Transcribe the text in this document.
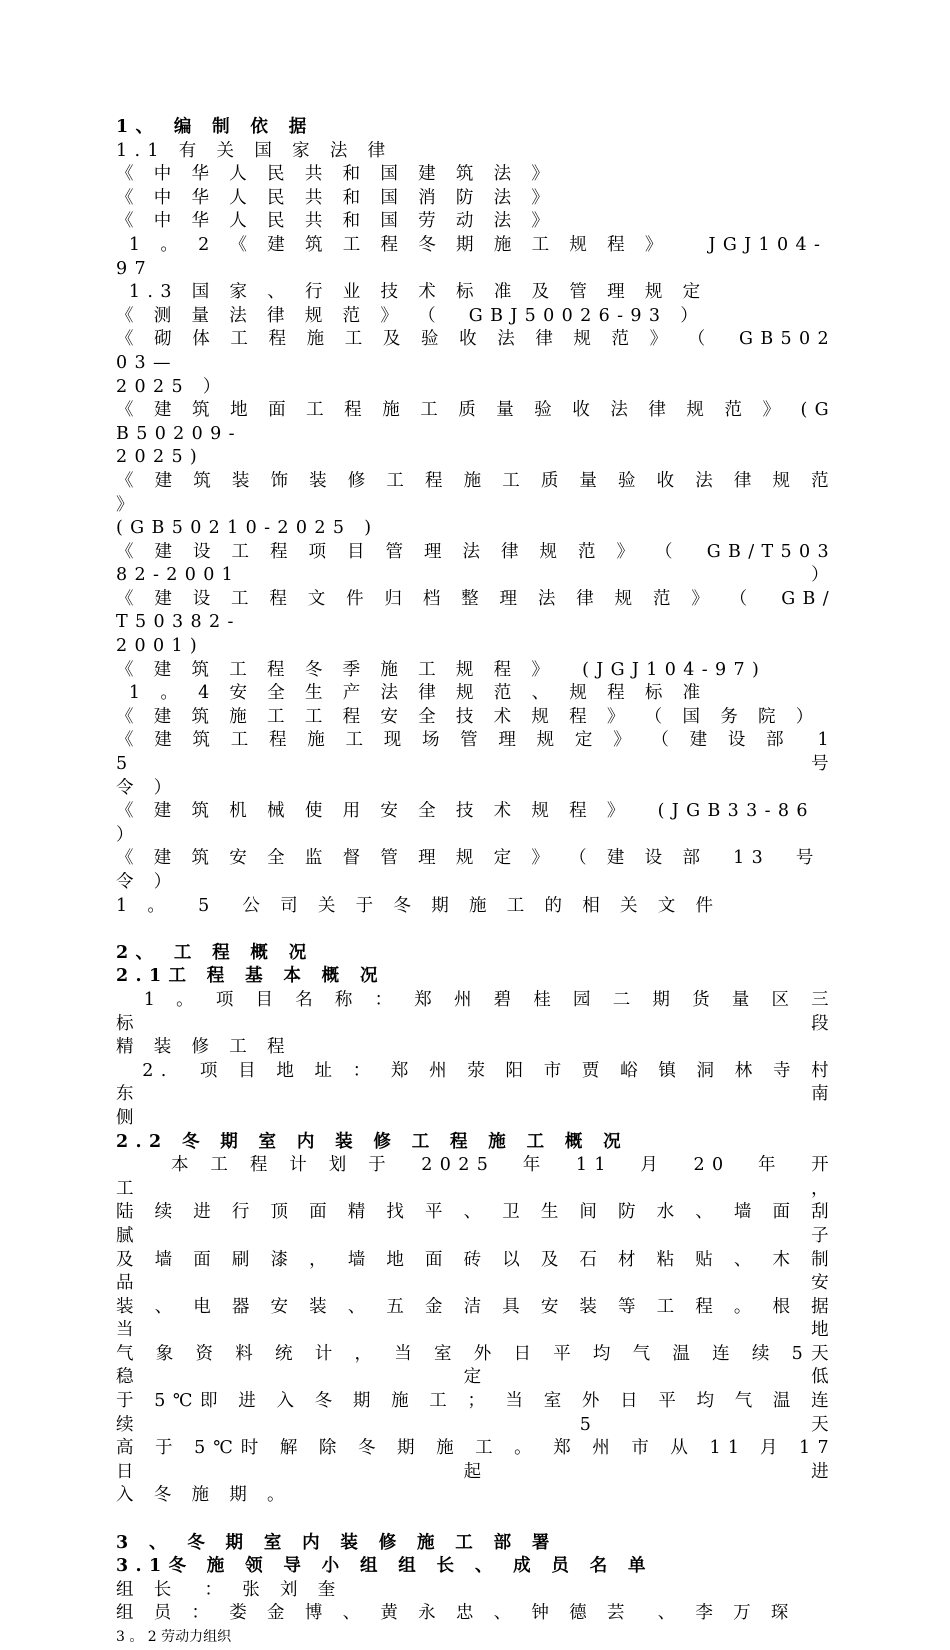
1、 编 制 依 据
1.1 有 关 国 家 法 律
《 中 华 人 民 共 和 国 建 筑 法 》
《 中 华 人 民 共 和 国 消 防 法 》
《 中 华 人 民 共 和 国 劳 动 法 》
1 。 2 《 建 筑 工 程 冬 期 施 工 规 程 》   JGJ104-97
1.3 国 家 、 行 业 技 术 标 准 及 管 理 规 定
《 测 量 法 律 规 范 》 （  GBJ50026-93 ）
《 砌 体 工 程 施 工 及 验 收 法 律 规 范 》 （  GB50203—
2025 ）
《 建 筑 地 面 工 程 施 工 质 量 验 收 法 律 规 范 》 (GB50209-
2025)
《 建 筑 装 饰 装 修 工 程 施 工 质 量 验 收 法 律 规 范 》
(GB50210-2025 )
《 建 设 工 程 项 目 管 理 法 律 规 范 》 （  GB/T50382-2001 ）
《 建 设 工 程 文 件 归 档 整 理 法 律 规 范 》 （  GB/T50382-
2001)
《 建 筑 工 程 冬 季 施 工 规 程 》  (JGJ104-97)
1 。 4 安 全 生 产 法 律 规 范 、 规 程 标 准
《 建 筑 施 工 工 程 安 全 技 术 规 程 》 （ 国 务 院 ）
《 建 筑 工 程 施 工 现 场 管 理 规 定 》 （ 建 设 部  15  号
令 ）
《 建 筑 机 械 使 用 安 全 技 术 规 程 》  (JGB33-86 ）
《 建 筑 安 全 监 督 管 理 规 定 》 （ 建 设 部  13  号 令 ）
1 。  5  公 司 关 于 冬 期 施 工 的 相 关 文 件
2、 工 程 概 况
2.1工 程 基 本 概 况
1 。 项 目 名 称 ： 郑 州 碧 桂 园 二 期 货 量 区 三 标 段
精 装 修 工 程
2.  项 目 地 址 ： 郑 州 荥 阳 市 贾 峪 镇 洞 林 寺 村 东 南
侧
2.2 冬 期 室 内 装 修 工 程 施 工 概 况
本 工 程 计 划 于  2025  年  11  月  20  年  开 工 ，
陆 续 进 行 顶 面 精 找 平 、 卫 生 间 防 水 、 墙 面 刮 腻 子
及 墙 面 刷 漆 ， 墙 地 面 砖 以 及 石 材 粘 贴 、 木 制 品 安
装 、 电 器 安 装 、 五 金 洁 具 安 装 等 工 程 。 根 据 当 地
气 象 资 料 统 计 ， 当 室 外 日 平 均 气 温 连 续 5天 稳 定 低
于 5℃即 进 入 冬 期 施 工 ； 当 室 外 日 平 均 气 温 连 续 5天
高 于 5℃时 解 除 冬 期 施 工 。 郑 州 市 从 11 月 17 日 起 进
入 冬 施 期 。
3 、 冬 期 室 内 装 修 施 工 部 署
3.1冬 施 领 导 小 组 组 长 、 成 员 名 单
组 长  ： 张 刘 奎
组 员 ： 娄 金 博 、 黄 永 忠 、 钟 德 芸  、 李 万 琛
3 。 2 劳动力组织
